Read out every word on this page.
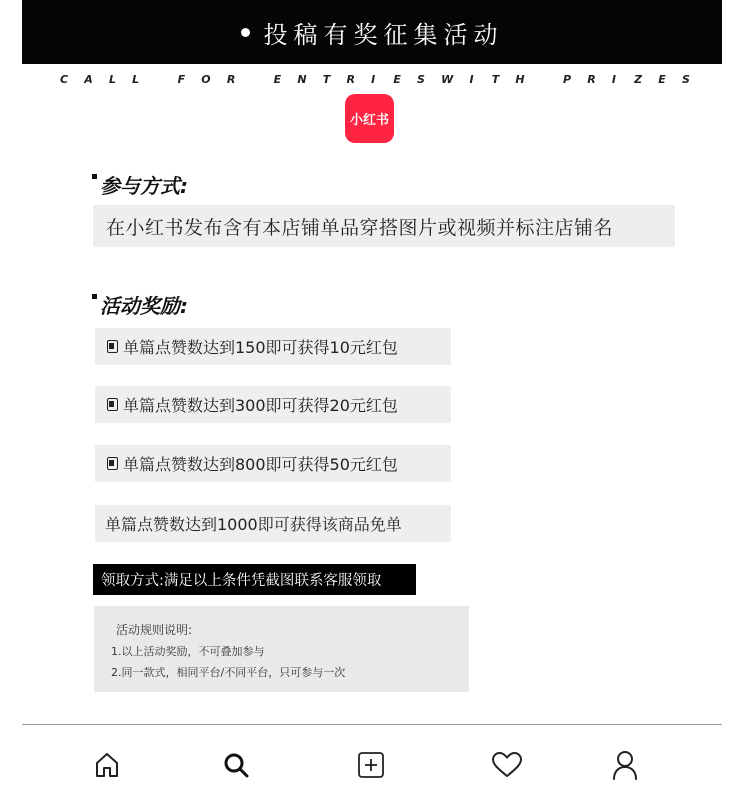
投稿有奖征集活动
C A L L	F O R	E N T R I E S W I T H	P R I Z E S
小红书
参与方式:
在小红书发布含有本店铺单品穿搭图片或视频并标注店铺名
活动奖励:
单篇点赞数达到150即可获得10元红包
单篇点赞数达到300即可获得20元红包
单篇点赞数达到800即可获得50元红包
单篇点赞数达到1000即可获得该商品免单
领取方式:满足以上条件凭截图联系客服领取
活动规则说明:
1.以上活动奖励，不可叠加参与
2.同一款式，相同平台/不同平台，只可参与一次
